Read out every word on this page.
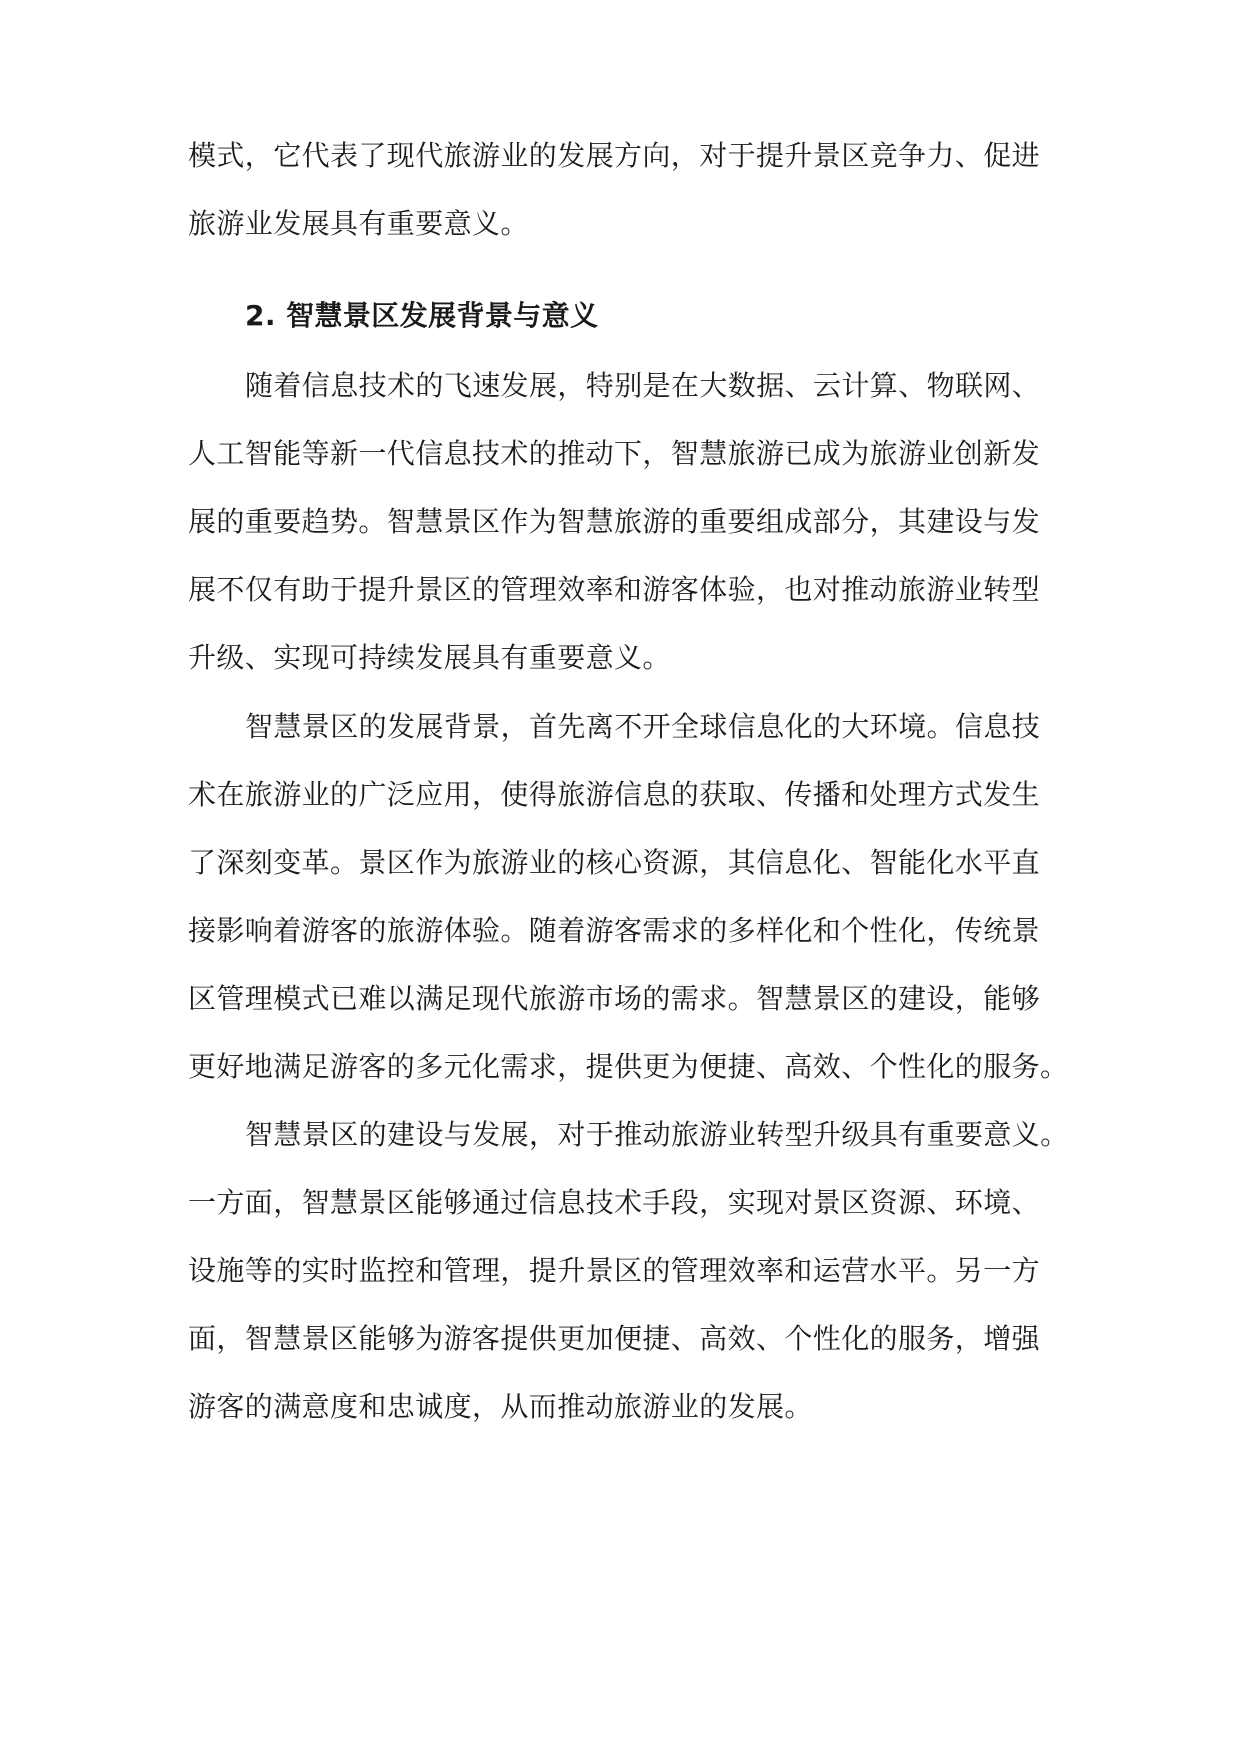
模式，它代表了现代旅游业的发展方向，对于提升景区竞争力、促进
旅游业发展具有重要意义。
2. 智慧景区发展背景与意义
随着信息技术的飞速发展，特别是在大数据、云计算、物联网、
人工智能等新一代信息技术的推动下，智慧旅游已成为旅游业创新发
展的重要趋势。智慧景区作为智慧旅游的重要组成部分，其建设与发
展不仅有助于提升景区的管理效率和游客体验，也对推动旅游业转型
升级、实现可持续发展具有重要意义。
智慧景区的发展背景，首先离不开全球信息化的大环境。信息技
术在旅游业的广泛应用，使得旅游信息的获取、传播和处理方式发生
了深刻变革。景区作为旅游业的核心资源，其信息化、智能化水平直
接影响着游客的旅游体验。随着游客需求的多样化和个性化，传统景
区管理模式已难以满足现代旅游市场的需求。智慧景区的建设，能够
更好地满足游客的多元化需求，提供更为便捷、高效、个性化的服务。
智慧景区的建设与发展，对于推动旅游业转型升级具有重要意义。
一方面，智慧景区能够通过信息技术手段，实现对景区资源、环境、
设施等的实时监控和管理，提升景区的管理效率和运营水平。另一方
面，智慧景区能够为游客提供更加便捷、高效、个性化的服务，增强
游客的满意度和忠诚度，从而推动旅游业的发展。
